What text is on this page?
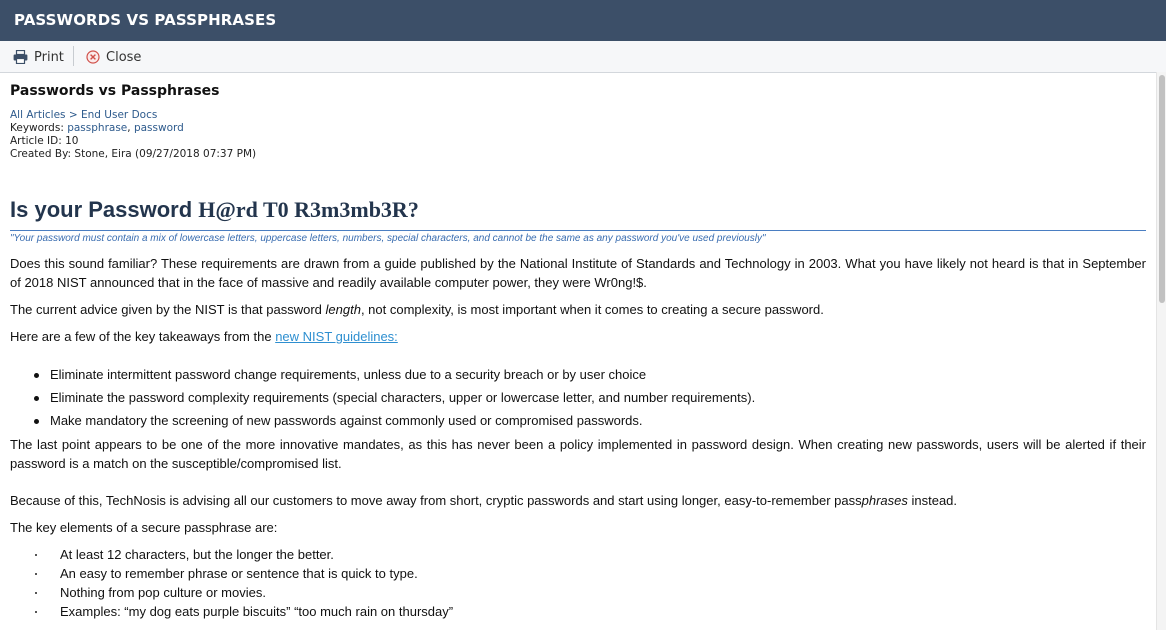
PASSWORDS VS PASSPHRASES
Print	Close
Passwords vs Passphrases
All Articles > End User Docs
Keywords: passphrase, password
Article ID: 10
Created By: Stone, Eira (09/27/2018 07:37 PM)
Is your Password H@rd T0 R3m3mb3R?
"Your password must contain a mix of lowercase letters, uppercase letters, numbers, special characters, and cannot be the same as any password you've used previously"
Does this sound familiar? These requirements are drawn from a guide published by the National Institute of Standards and Technology in 2003. What you have likely not heard is that in September of 2018 NIST announced that in the face of massive and readily available computer power, they were Wr0ng!$.
The current advice given by the NIST is that password length, not complexity, is most important when it comes to creating a secure password.
Here are a few of the key takeaways from the new NIST guidelines:
Eliminate intermittent password change requirements, unless due to a security breach or by user choice
Eliminate the password complexity requirements (special characters, upper or lowercase letter, and number requirements).
Make mandatory the screening of new passwords against commonly used or compromised passwords.
The last point appears to be one of the more innovative mandates, as this has never been a policy implemented in password design. When creating new passwords, users will be alerted if their password is a match on the susceptible/compromised list.
Because of this, TechNosis is advising all our customers to move away from short, cryptic passwords and start using longer, easy-to-remember passphrases instead.
The key elements of a secure passphrase are:
At least 12 characters, but the longer the better.
An easy to remember phrase or sentence that is quick to type.
Nothing from pop culture or movies.
Examples: “my dog eats purple biscuits” “too much rain on thursday”
